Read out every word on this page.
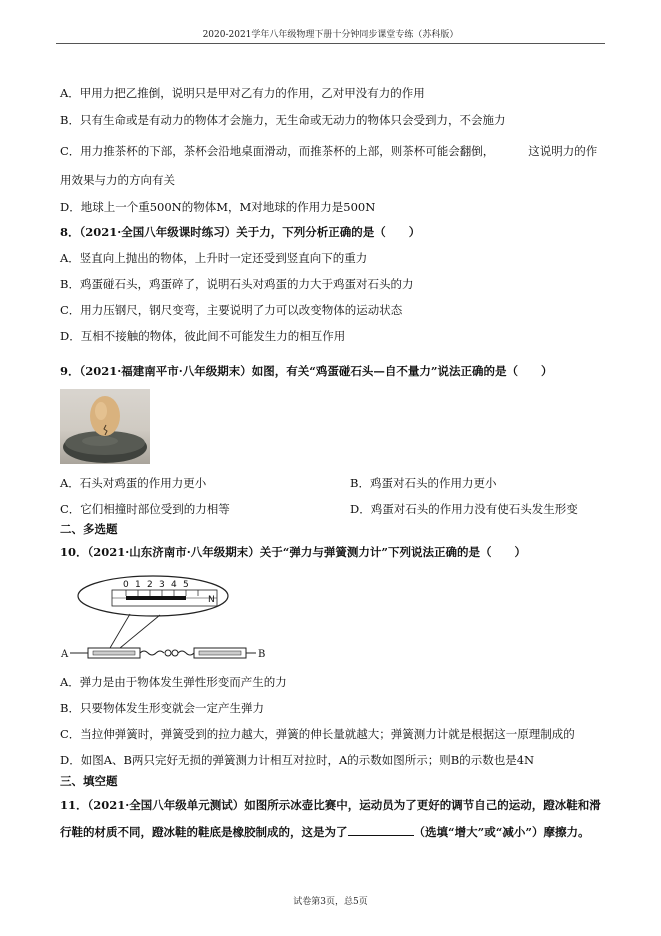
2020-2021学年八年级物理下册十分钟同步课堂专练（苏科版）
A．甲用力把乙推倒，说明只是甲对乙有力的作用，乙对甲没有力的作用
B．只有生命或是有动力的物体才会施力，无生命或无动力的物体只会受到力，不会施力
C．用力推茶杯的下部，茶杯会沿地桌面滑动，而推茶杯的上部，则茶杯可能会翻倒，	这说明力的作
用效果与力的方向有关
D．地球上一个重500N的物体M，M对地球的作用力是500N
8．（2021·全国八年级课时练习）关于力，下列分析正确的是（　　）
A．竖直向上抛出的物体，上升时一定还受到竖直向下的重力
B．鸡蛋碰石头，鸡蛋碎了，说明石头对鸡蛋的力大于鸡蛋对石头的力
C．用力压钢尺，钢尺变弯，主要说明了力可以改变物体的运动状态
D．互相不接触的物体，彼此间不可能发生力的相互作用
9．（2021·福建南平市·八年级期末）如图，有关“鸡蛋碰石头—自不量力”说法正确的是（　　）
A．石头对鸡蛋的作用力更小	B．鸡蛋对石头的作用力更小
C．它们相撞时部位受到的力相等	D．鸡蛋对石头的作用力没有使石头发生形变
二、多选题
10．（2021·山东济南市·八年级期末）关于“弹力与弹簧测力计”下列说法正确的是（　　）
0 1 2 3 4 5
N
A	B
A．弹力是由于物体发生弹性形变而产生的力
B．只要物体发生形变就会一定产生弹力
C．当拉伸弹簧时，弹簧受到的拉力越大，弹簧的伸长量就越大；弹簧测力计就是根据这一原理制成的
D．如图A、B两只完好无损的弹簧测力计相互对拉时，A的示数如图所示；则B的示数也是4N
三、填空题
11．（2021·全国八年级单元测试）如图所示冰壶比赛中，运动员为了更好的调节自己的运动，蹬冰鞋和滑
行鞋的材质不同，蹬冰鞋的鞋底是橡胶制成的，这是为了	（选填“增大”或“减小”）摩擦力。
试卷第3页，总5页
